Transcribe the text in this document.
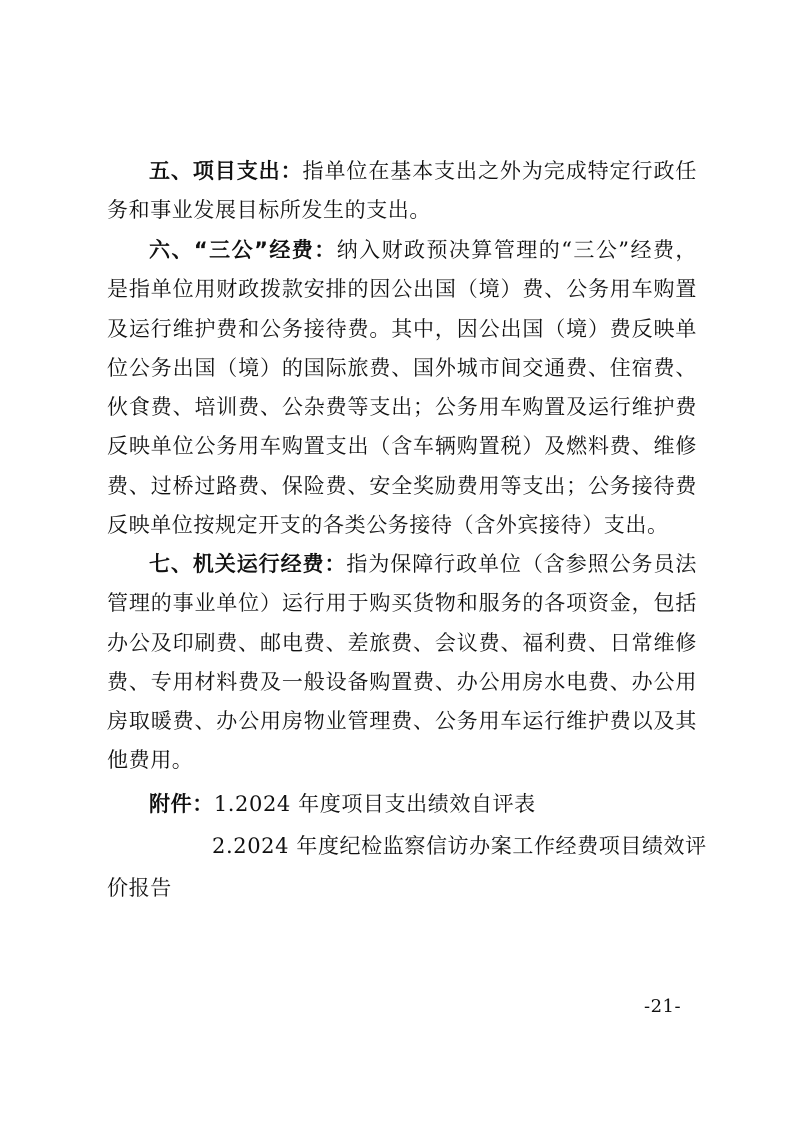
五、项目支出：指单位在基本支出之外为完成特定行政任务和事业发展目标所发生的支出。

六、“三公”经费：纳入财政预决算管理的“三公”经费，是指单位用财政拨款安排的因公出国（境）费、公务用车购置及运行维护费和公务接待费。其中，因公出国（境）费反映单位公务出国（境）的国际旅费、国外城市间交通费、住宿费、伙食费、培训费、公杂费等支出；公务用车购置及运行维护费反映单位公务用车购置支出（含车辆购置税）及燃料费、维修费、过桥过路费、保险费、安全奖励费用等支出；公务接待费反映单位按规定开支的各类公务接待（含外宾接待）支出。

七、机关运行经费：指为保障行政单位（含参照公务员法管理的事业单位）运行用于购买货物和服务的各项资金，包括办公及印刷费、邮电费、差旅费、会议费、福利费、日常维修费、专用材料费及一般设备购置费、办公用房水电费、办公用房取暖费、办公用房物业管理费、公务用车运行维护费以及其他费用。

附件：1.2024 年度项目支出绩效自评表

2.2024 年度纪检监察信访办案工作经费项目绩效评

价报告

-21-
